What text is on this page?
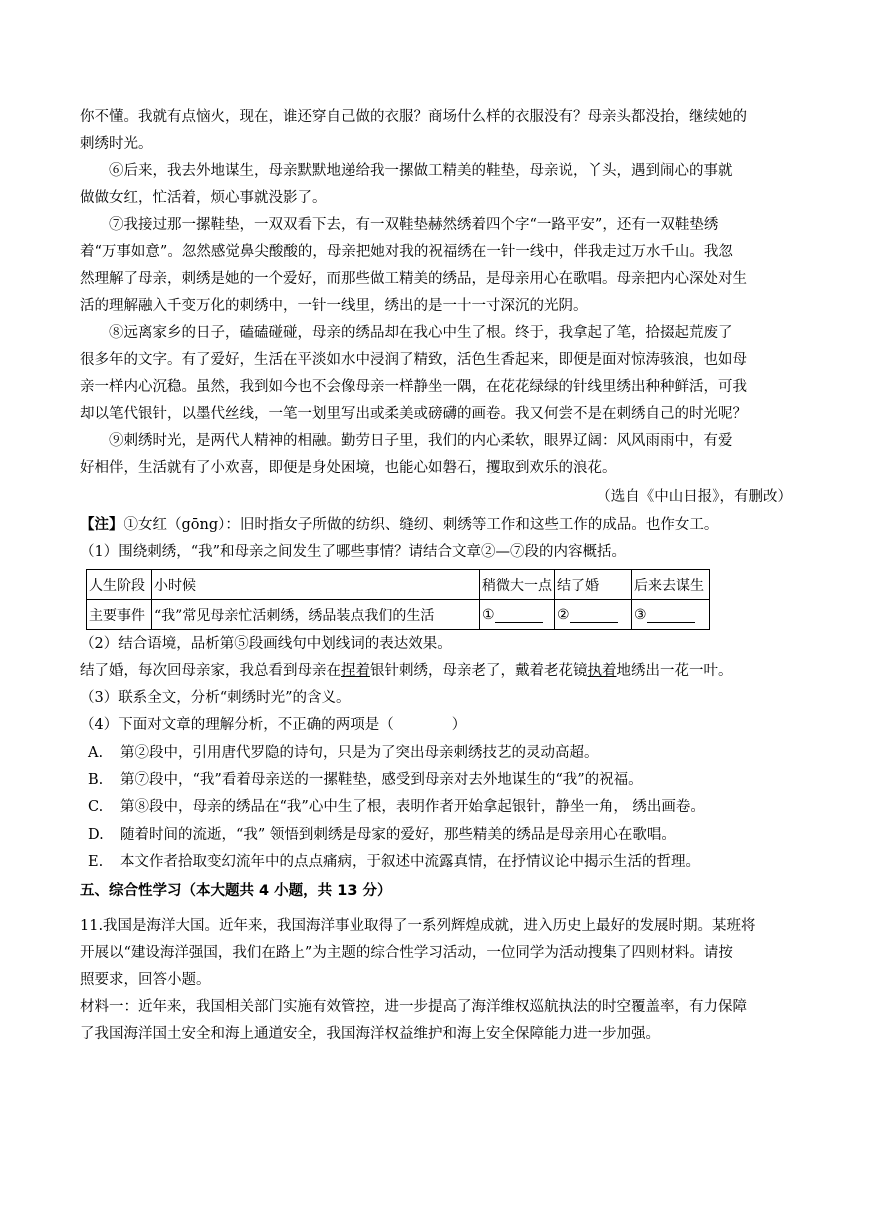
你不懂。我就有点恼火，现在，谁还穿自己做的衣服？商场什么样的衣服没有？母亲头都没抬，继续她的
刺绣时光。
⑥后来，我去外地谋生，母亲默默地递给我一摞做工精美的鞋垫，母亲说，丫头，遇到闹心的事就
做做女红，忙活着，烦心事就没影了。
⑦我接过那一摞鞋垫，一双双看下去，有一双鞋垫赫然绣着四个字“一路平安”，还有一双鞋垫绣
着“万事如意”。忽然感觉鼻尖酸酸的，母亲把她对我的祝福绣在一针一线中，伴我走过万水千山。我忽
然理解了母亲，刺绣是她的一个爱好，而那些做工精美的绣品，是母亲用心在歌唱。母亲把内心深处对生
活的理解融入千变万化的刺绣中，一针一线里，绣出的是一十一寸深沉的光阴。
⑧远离家乡的日子，磕磕碰碰，母亲的绣品却在我心中生了根。终于，我拿起了笔，拾掇起荒废了
很多年的文字。有了爱好，生活在平淡如水中浸润了精致，活色生香起来，即便是面对惊涛骇浪，也如母
亲一样内心沉稳。虽然，我到如今也不会像母亲一样静坐一隅，在花花绿绿的针线里绣出种种鲜活，可我
却以笔代银针，以墨代丝线，一笔一划里写出或柔美或磅礴的画卷。我又何尝不是在刺绣自己的时光呢？
⑨刺绣时光，是两代人精神的相融。勤劳日子里，我们的内心柔软，眼界辽阔：风风雨雨中，有爱
好相伴，生活就有了小欢喜，即便是身处困境，也能心如磐石，攫取到欢乐的浪花。
（选自《中山日报》，有删改）
【注】①女红（gōng）：旧时指女子所做的纺织、缝纫、刺绣等工作和这些工作的成品。也作女工。
（1）围绕刺绣，“我”和母亲之间发生了哪些事情？请结合文章②—⑦段的内容概括。
人生阶段	小时候	稍微大一点	结了婚	后来去谋生
主要事件	“我”常见母亲忙活刺绣，绣品装点我们的生活	①	②	③
（2）结合语境，品析第⑤段画线句中划线词的表达效果。
结了婚，每次回母亲家，我总看到母亲在捏着银针刺绣，母亲老了，戴着老花镜执着地绣出一花一叶。
（3）联系全文，分析“刺绣时光”的含义。
（4）下面对文章的理解分析，不正确的两项是（　　　　）
A. 第②段中，引用唐代罗隐的诗句，只是为了突出母亲刺绣技艺的灵动高超。
B. 第⑦段中，“我”看着母亲送的一摞鞋垫，感受到母亲对去外地谋生的“我”的祝福。
C. 第⑧段中，母亲的绣品在“我”心中生了根，表明作者开始拿起银针，静坐一角， 绣出画卷。
D. 随着时间的流逝，“我” 领悟到刺绣是母家的爱好，那些精美的绣品是母亲用心在歌唱。
E. 本文作者拾取变幻流年中的点点痛病，于叙述中流露真情，在抒情议论中揭示生活的哲理。
五、综合性学习（本大题共 4 小题，共 13 分）
11.我国是海洋大国。近年来，我国海洋事业取得了一系列辉煌成就，进入历史上最好的发展时期。某班将
开展以“建设海洋强国，我们在路上”为主题的综合性学习活动，一位同学为活动搜集了四则材料。请按
照要求，回答小题。
材料一：近年来，我国相关部门实施有效管控，进一步提高了海洋维权巡航执法的时空覆盖率，有力保障
了我国海洋国土安全和海上通道安全，我国海洋权益维护和海上安全保障能力进一步加强。
